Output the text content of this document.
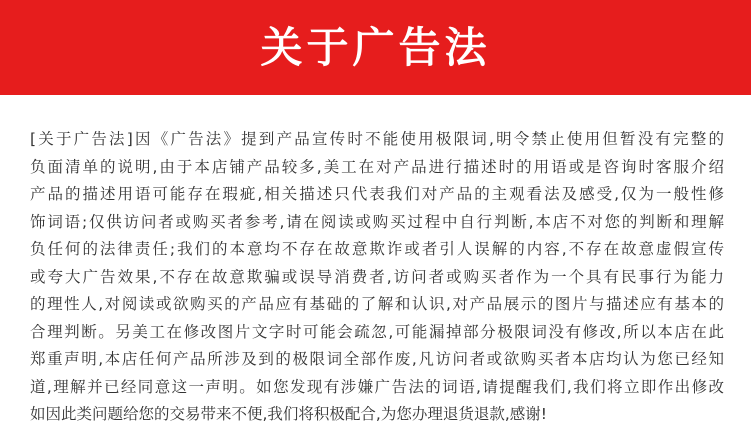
关于广告法
[关于广告法]因《广告法》提到产品宣传时不能使用极限词,明令禁止使用但暂没有完整的
负面清单的说明,由于本店铺产品较多,美工在对产品进行描述时的用语或是咨询时客服介绍
产品的描述用语可能存在瑕疵,相关描述只代表我们对产品的主观看法及感受,仅为一般性修
饰词语;仅供访问者或购买者参考,请在阅读或购买过程中自行判断,本店不对您的判断和理解
负任何的法律责任;我们的本意均不存在故意欺诈或者引人误解的内容,不存在故意虚假宣传
或夸大广告效果,不存在故意欺骗或误导消费者,访问者或购买者作为一个具有民事行为能力
的理性人,对阅读或欲购买的产品应有基础的了解和认识,对产品展示的图片与描述应有基本的
合理判断。另美工在修改图片文字时可能会疏忽,可能漏掉部分极限词没有修改,所以本店在此
郑重声明,本店任何产品所涉及到的极限词全部作废,凡访问者或欲购买者本店均认为您已经知
道,理解并已经同意这一声明。如您发现有涉嫌广告法的词语,请提醒我们,我们将立即作出修改
如因此类问题给您的交易带来不便,我们将积极配合,为您办理退货退款,感谢!
